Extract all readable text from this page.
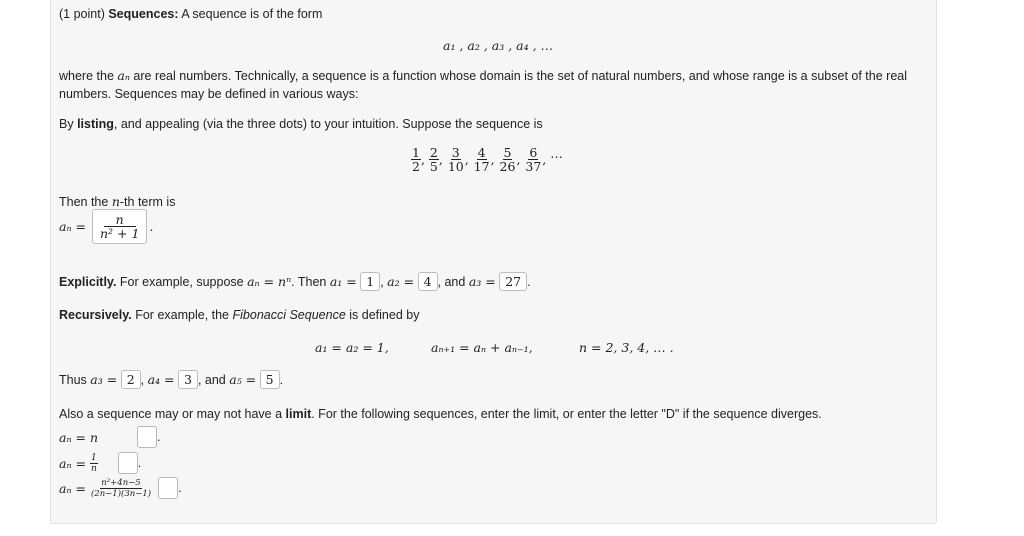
(1 point) Sequences: A sequence is of the form
a₁ , a₂ , a₃ , a₄ , …
where the aₙ are real numbers. Technically, a sequence is a function whose domain is the set of natural numbers, and whose range is a subset of the real
numbers. Sequences may be defined in various ways:
By listing, and appealing (via the three dots) to your intuition. Suppose the sequence is
$\frac{1}{2}$ , $\frac{2}{5}$ , $\frac{3}{10}$ , $\frac{4}{17}$ , $\frac{5}{26}$ , $\frac{6}{37}$ , …
Then the n-th term is
$a_n = \frac{n}{\text{n² + 1}}$ .
Explicitly.
For example, suppose
aₙ = nⁿ . Then
a₁ =
1 , a₂ =
4 , and
a₃ =
27 .
Recursively. For example, the Fibonacci Sequence is defined by
a₁ = a₂ = 1,	aₙ₊₁ = aₙ + aₙ₋₁,	n = 2, 3, 4, … .
Thus
a₃ =
2 , a₄ =
3 , and
a₅ =
5 .
Also a sequence may or may not have a limit. For the following sequences, enter the limit, or enter the letter "D" if the sequence diverges.
aₙ = n	.
$a_n = \frac{1}{n}$	.
$a_n = \frac{\text{n²+4n−5}}{(2n-1)(3n-1)}$ .
